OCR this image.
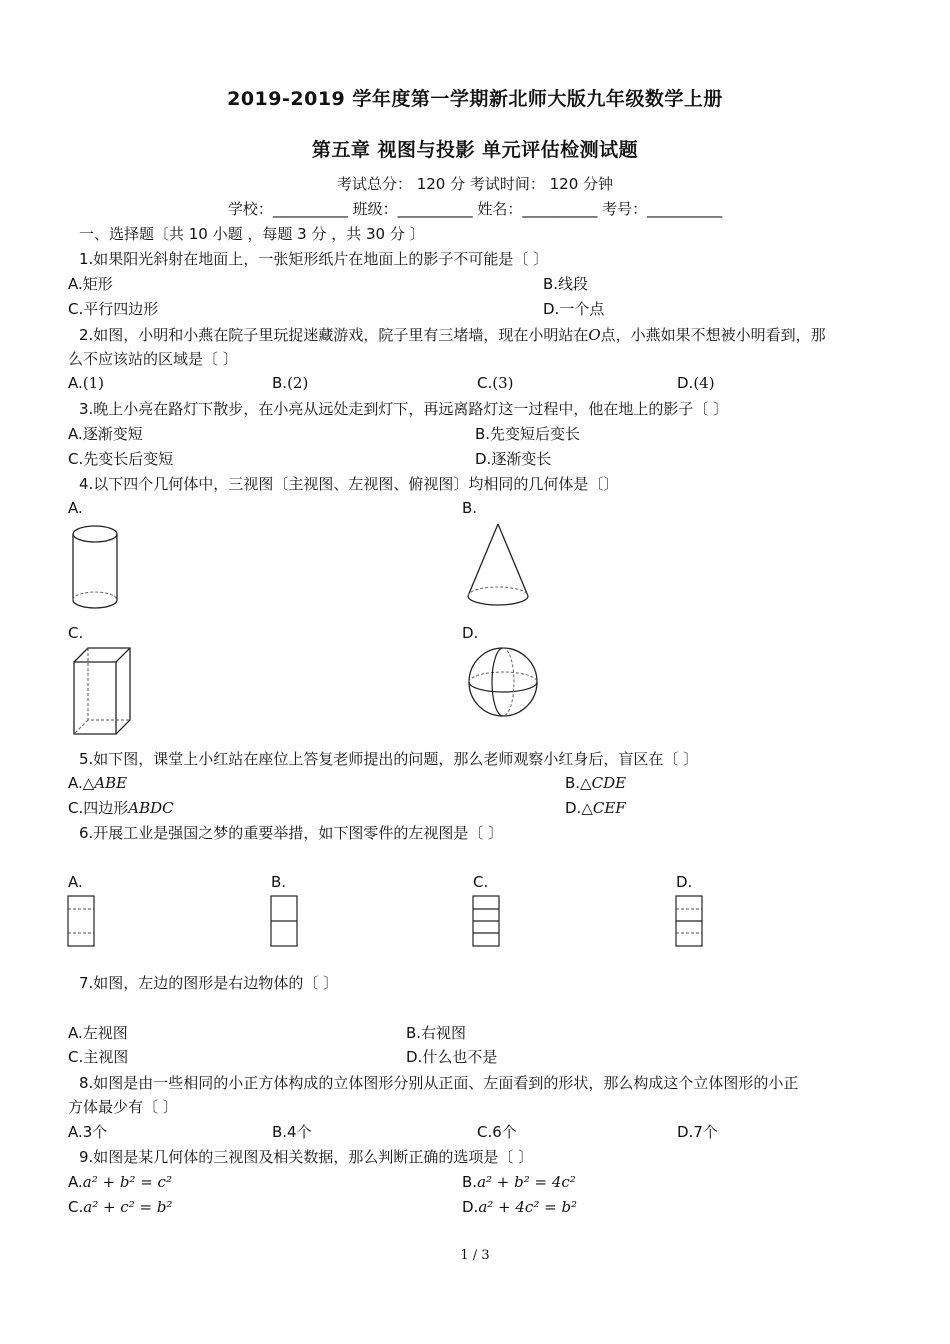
2019-2019 学年度第一学期新北师大版九年级数学上册
第五章 视图与投影 单元评估检测试题
考试总分： 120 分 考试时间： 120 分钟
学校：__________ 班级：__________ 姓名：__________ 考号：__________
一、选择题〔共 10 小题 ，每题 3 分 ，共 30 分 〕
1.如果阳光斜射在地面上，一张矩形纸片在地面上的影子不可能是〔 〕
A.矩形	B.线段
C.平行四边形	D.一个点
2.如图，小明和小燕在院子里玩捉迷藏游戏，院子里有三堵墙，现在小明站在O点，小燕如果不想被小明看到，那
么不应该站的区域是〔 〕
A.(1)	B.(2)	C.(3)	D.(4)
3.晚上小亮在路灯下散步，在小亮从远处走到灯下，再远离路灯这一过程中，他在地上的影子〔 〕
A.逐渐变短	B.先变短后变长
C.先变长后变短	D.逐渐变长
4.以下四个几何体中，三视图〔主视图、左视图、俯视图〕均相同的几何体是〔〕
A.	B.
C.	D.
5.如下图，课堂上小红站在座位上答复老师提出的问题，那么老师观察小红身后，盲区在〔 〕
A.△ABE	B.△CDE
C.四边形ABDC	D.△CEF
6.开展工业是强国之梦的重要举措，如下图零件的左视图是〔 〕
A.	B.	C.	D.
7.如图，左边的图形是右边物体的〔 〕
A.左视图	B.右视图
C.主视图	D.什么也不是
8.如图是由一些相同的小正方体构成的立体图形分别从正面、左面看到的形状，那么构成这个立体图形的小正
方体最少有〔 〕
A.3个	B.4个	C.6个	D.7个
9.如图是某几何体的三视图及相关数据，那么判断正确的选项是〔 〕
A.a² + b² = c²	B.a² + b² = 4c²
C.a² + c² = b²	D.a² + 4c² = b²
1 / 3
